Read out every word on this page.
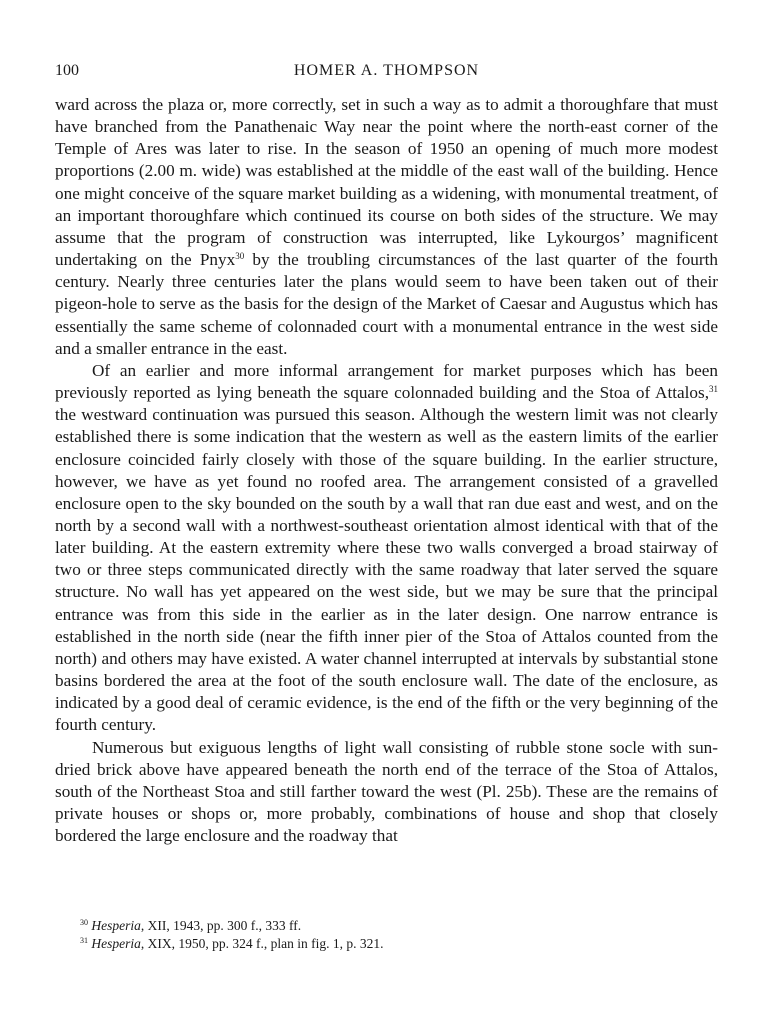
100	HOMER A. THOMPSON

ward across the plaza or, more correctly, set in such a way as to admit a thoroughfare that must have branched from the Panathenaic Way near the point where the north-east corner of the Temple of Ares was later to rise. In the season of 1950 an opening of much more modest proportions (2.00 m. wide) was established at the middle of the east wall of the building. Hence one might conceive of the square market building as a widening, with monumental treatment, of an important thoroughfare which continued its course on both sides of the structure. We may assume that the program of construction was interrupted, like Lykourgos’ magnificent undertaking on the Pnyx$^{30}$ by the troubling circumstances of the last quarter of the fourth century. Nearly three centuries later the plans would seem to have been taken out of their pigeon-hole to serve as the basis for the design of the Market of Caesar and Augustus which has essentially the same scheme of colonnaded court with a monumental entrance in the west side and a smaller entrance in the east.

Of an earlier and more informal arrangement for market purposes which has been previously reported as lying beneath the square colonnaded building and the Stoa of Attalos,$^{31}$ the westward continuation was pursued this season. Although the western limit was not clearly established there is some indication that the western as well as the eastern limits of the earlier enclosure coincided fairly closely with those of the square building. In the earlier structure, however, we have as yet found no roofed area. The arrangement consisted of a gravelled enclosure open to the sky bounded on the south by a wall that ran due east and west, and on the north by a second wall with a northwest-southeast orientation almost identical with that of the later building. At the eastern extremity where these two walls converged a broad stairway of two or three steps communicated directly with the same roadway that later served the square structure. No wall has yet appeared on the west side, but we may be sure that the principal entrance was from this side in the earlier as in the later design. One narrow entrance is established in the north side (near the fifth inner pier of the Stoa of Attalos counted from the north) and others may have existed. A water channel interrupted at intervals by substantial stone basins bordered the area at the foot of the south enclosure wall. The date of the enclosure, as indicated by a good deal of ceramic evidence, is the end of the fifth or the very beginning of the fourth century.

Numerous but exiguous lengths of light wall consisting of rubble stone socle with sun-dried brick above have appeared beneath the north end of the terrace of the Stoa of Attalos, south of the Northeast Stoa and still farther toward the west (Pl. 25b). These are the remains of private houses or shops or, more probably, combinations of house and shop that closely bordered the large enclosure and the roadway that

$^{30}$ Hesperia, XII, 1943, pp. 300 f., 333 ff.

$^{31}$ Hesperia, XIX, 1950, pp. 324 f., plan in fig. 1, p. 321.
